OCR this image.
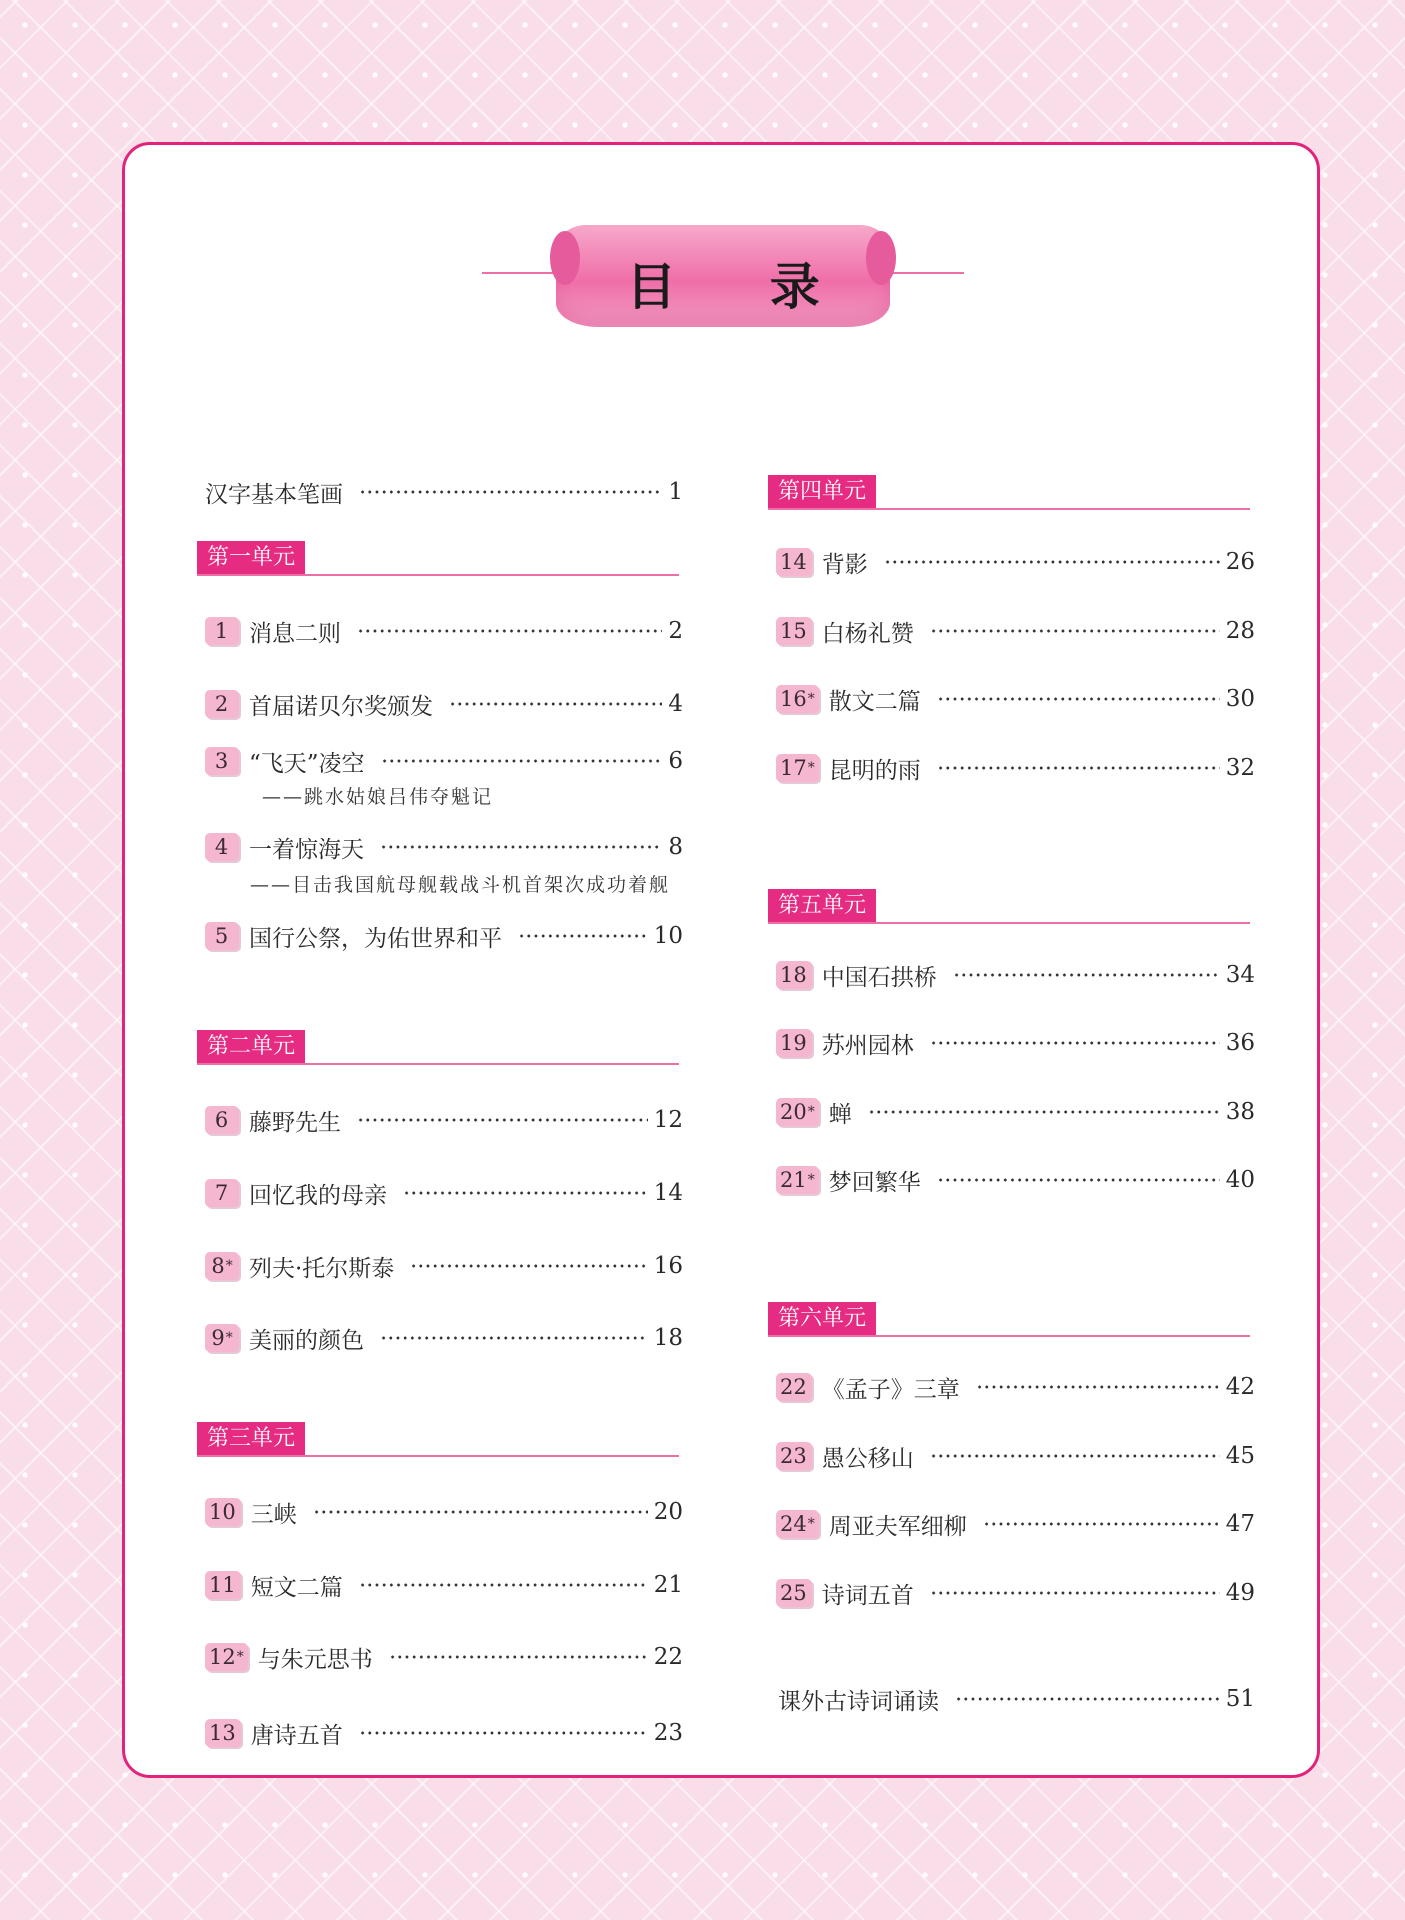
目 录
汉字基本笔画	1
第一单元
1 消息二则	2
2 首届诺贝尔奖颁发	4
3 “飞天”凌空	6
——跳水姑娘吕伟夺魁记
4 一着惊海天	8
——目击我国航母舰载战斗机首架次成功着舰
5 国行公祭，为佑世界和平	10
第二单元
6 藤野先生	12
7 回忆我的母亲	14
8 * 列夫·托尔斯泰	16
9 * 美丽的颜色	18
第三单元
10 三峡	20
11 短文二篇	21
12 * 与朱元思书	22
13 唐诗五首	23
第四单元
14 背影	26
15 白杨礼赞	28
16 * 散文二篇	30
17 * 昆明的雨	32
第五单元
18 中国石拱桥	34
19 苏州园林	36
20 * 蝉	38
21 * 梦回繁华	40
第六单元
22 《孟子》三章	42
23 愚公移山	45
24 * 周亚夫军细柳	47
25 诗词五首	49
课外古诗词诵读	51
